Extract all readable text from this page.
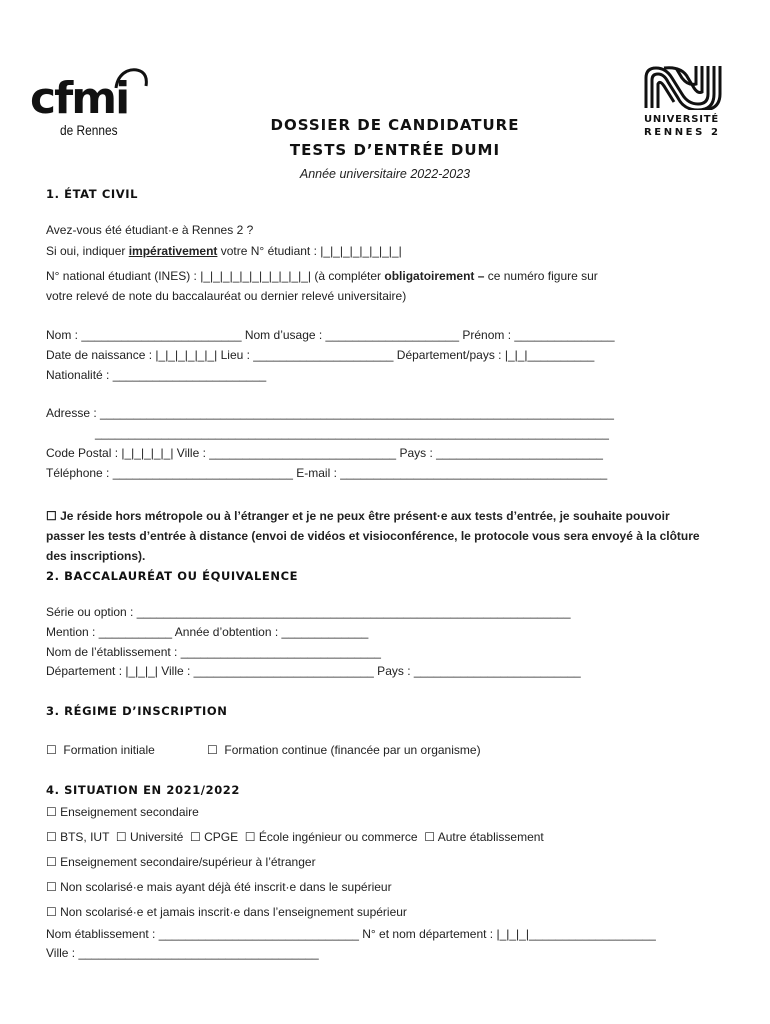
cfmi
de Rennes
UNIVERSITÉ
RENNES 2
DOSSIER DE CANDIDATURE
TESTS D’ENTRÉE DUMI
Année universitaire 2022-2023
1. ÉTAT CIVIL
Avez-vous été étudiant·e à Rennes 2 ?
Si oui, indiquer impérativement votre N° étudiant : |_|_|_|_|_|_|_|_|
N° national étudiant (INES) : |_|_|_|_|_|_|_|_|_|_|_| (à compléter obligatoirement – ce numéro figure sur
votre relevé de note du baccalauréat ou dernier relevé universitaire)
Nom : ________________________ Nom d’usage : ____________________ Prénom : _______________
Date de naissance : |_|_|_|_|_|_| Lieu : _____________________ Département/pays : |_|_|__________
Nationalité : _______________________
Adresse : _____________________________________________________________________________
_____________________________________________________________________________
Code Postal : |_|_|_|_|_| Ville : ____________________________ Pays : _________________________
Téléphone : ___________________________ E-mail : ________________________________________
☐ Je réside hors métropole ou à l’étranger et je ne peux être présent·e aux tests d’entrée, je souhaite pouvoir
passer les tests d’entrée à distance (envoi de vidéos et visioconférence, le protocole vous sera envoyé à la clôture
des inscriptions).
2. BACCALAURÉAT OU ÉQUIVALENCE
Série ou option : _________________________________________________________________
Mention : ___________ Année d’obtention : _____________
Nom de l’établissement : ______________________________
Département : |_|_|_| Ville : ___________________________ Pays : _________________________
3. RÉGIME D’INSCRIPTION
☐  Formation initiale	☐  Formation continue (financée par un organisme)
4. SITUATION EN 2021/2022
☐ Enseignement secondaire
☐ BTS, IUT  ☐ Université  ☐ CPGE  ☐ École ingénieur ou commerce  ☐ Autre établissement
☐ Enseignement secondaire/supérieur à l’étranger
☐ Non scolarisé·e mais ayant déjà été inscrit·e dans le supérieur
☐ Non scolarisé·e et jamais inscrit·e dans l’enseignement supérieur
Nom établissement : ______________________________ N° et nom département : |_|_|_|___________________
Ville : ____________________________________
